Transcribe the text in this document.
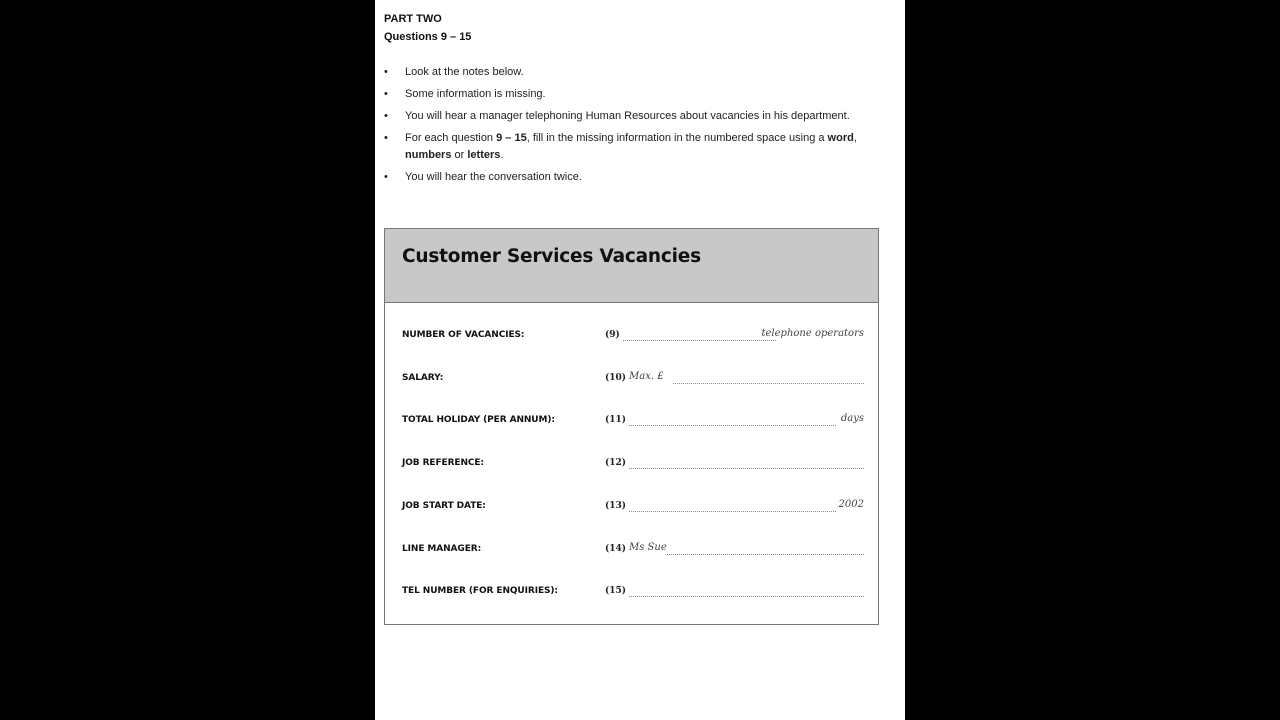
PART TWO
Questions 9 – 15
• Look at the notes below.
• Some information is missing.
• You will hear a manager telephoning Human Resources about vacancies in his department.
• For each question 9 – 15, fill in the missing information in the numbered space using a word, numbers or letters.
• You will hear the conversation twice.
Customer Services Vacancies
NUMBER OF VACANCIES:	(9)	telephone operators
SALARY:	(10) Max. £
TOTAL HOLIDAY (PER ANNUM):	(11)	days
JOB REFERENCE:	(12)
JOB START DATE:	(13)	2002
LINE MANAGER:	(14) Ms Sue
TEL NUMBER (FOR ENQUIRIES):	(15)
